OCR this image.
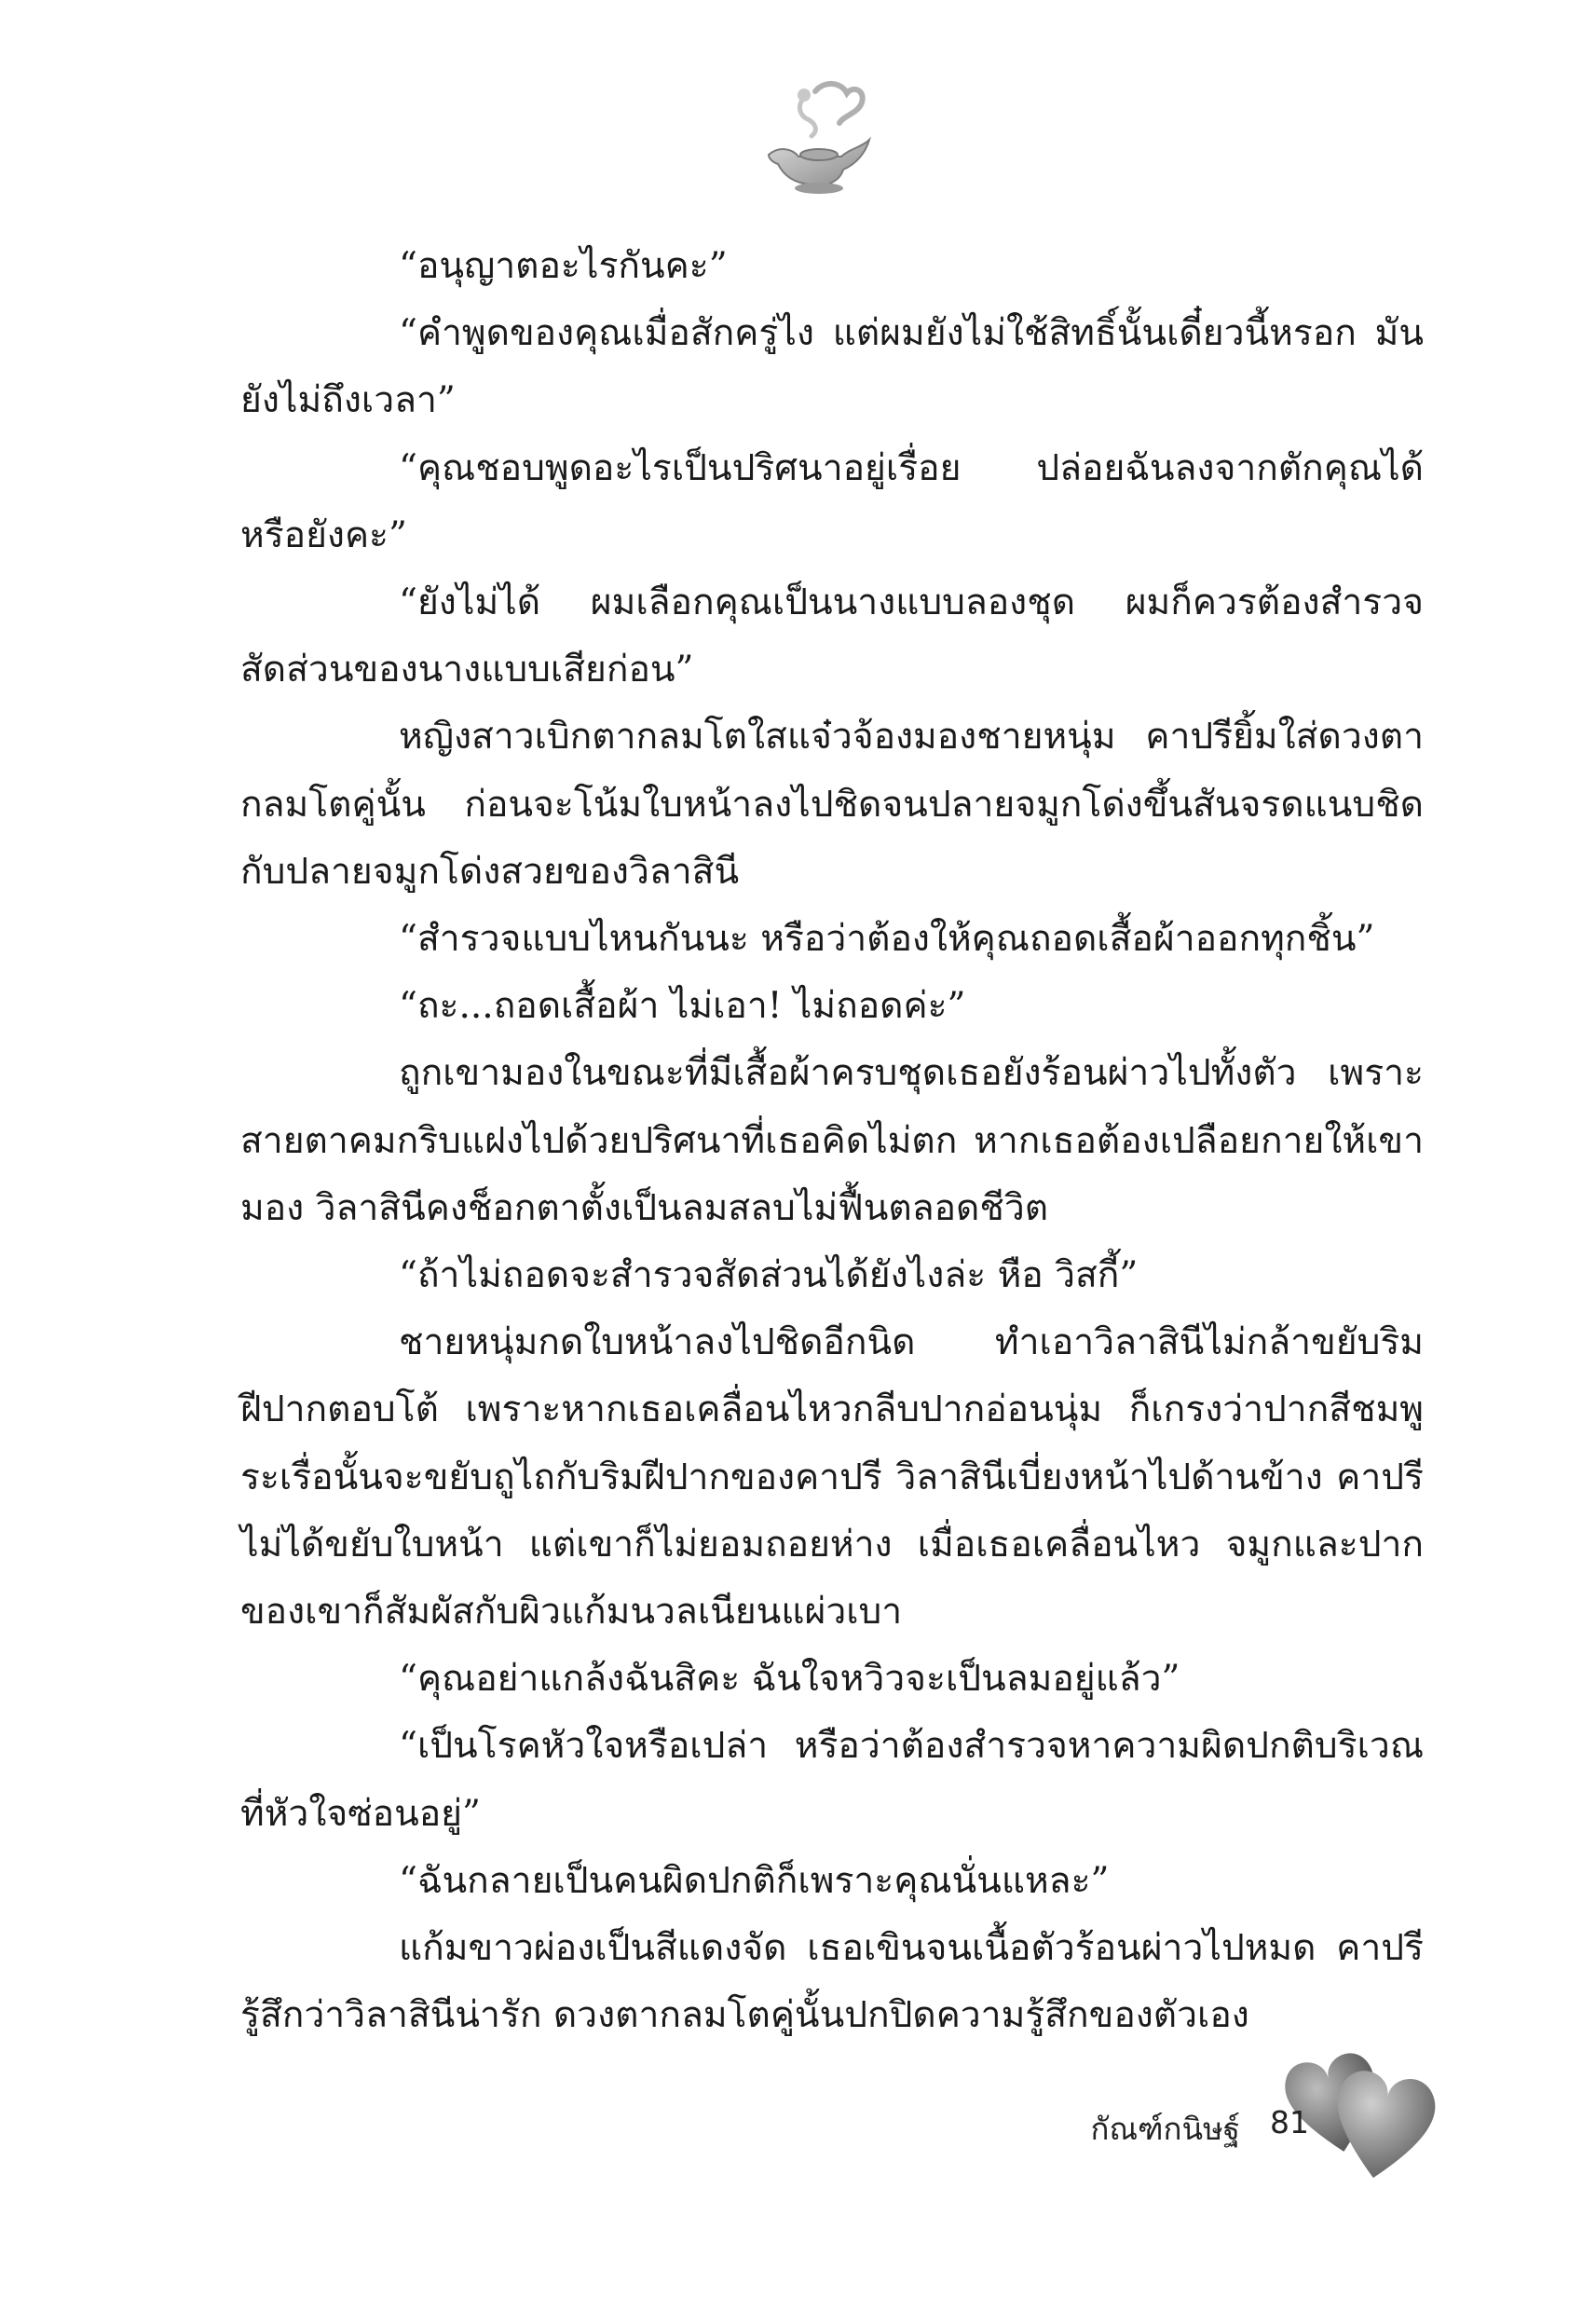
“อนุญาตอะไรกันคะ”

“คำพูดของคุณเมื่อสักครู่ไง แต่ผมยังไม่ใช้สิทธิ์นั้นเดี๋ยวนี้หรอก มันยังไม่ถึงเวลา”

“คุณชอบพูดอะไรเป็นปริศนาอยู่เรื่อย ปล่อยฉันลงจากตักคุณได้หรือยังคะ”

“ยังไม่ได้ ผมเลือกคุณเป็นนางแบบลองชุด ผมก็ควรต้องสำรวจสัดส่วนของนางแบบเสียก่อน”

หญิงสาวเบิกตากลมโตใสแจ๋วจ้องมองชายหนุ่ม คาปรียิ้มใส่ดวงตากลมโตคู่นั้น ก่อนจะโน้มใบหน้าลงไปชิดจนปลายจมูกโด่งขึ้นสันจรดแนบชิดกับปลายจมูกโด่งสวยของวิลาสินี

“สำรวจแบบไหนกันนะ หรือว่าต้องให้คุณถอดเสื้อผ้าออกทุกชิ้น”

“ถะ...ถอดเสื้อผ้า ไม่เอา! ไม่ถอดค่ะ”

ถูกเขามองในขณะที่มีเสื้อผ้าครบชุดเธอยังร้อนผ่าวไปทั้งตัว เพราะสายตาคมกริบแฝงไปด้วยปริศนาที่เธอคิดไม่ตก หากเธอต้องเปลือยกายให้เขามอง วิลาสินีคงช็อกตาตั้งเป็นลมสลบไม่ฟื้นตลอดชีวิต

“ถ้าไม่ถอดจะสำรวจสัดส่วนได้ยังไงล่ะ หือ วิสกี้”

ชายหนุ่มกดใบหน้าลงไปชิดอีกนิด ทำเอาวิลาสินีไม่กล้าขยับริมฝีปากตอบโต้ เพราะหากเธอเคลื่อนไหวกลีบปากอ่อนนุ่ม ก็เกรงว่าปากสีชมพูระเรื่อนั้นจะขยับถูไถกับริมฝีปากของคาปรี วิลาสินีเบี่ยงหน้าไปด้านข้าง คาปรีไม่ได้ขยับใบหน้า แต่เขาก็ไม่ยอมถอยห่าง เมื่อเธอเคลื่อนไหว จมูกและปากของเขาก็สัมผัสกับผิวแก้มนวลเนียนแผ่วเบา

“คุณอย่าแกล้งฉันสิคะ ฉันใจหวิวจะเป็นลมอยู่แล้ว”

“เป็นโรคหัวใจหรือเปล่า หรือว่าต้องสำรวจหาความผิดปกติบริเวณที่หัวใจซ่อนอยู่”

“ฉันกลายเป็นคนผิดปกติก็เพราะคุณนั่นแหละ”

แก้มขาวผ่องเป็นสีแดงจัด เธอเขินจนเนื้อตัวร้อนผ่าวไปหมด คาปรีรู้สึกว่าวิลาสินีน่ารัก ดวงตากลมโตคู่นั้นปกปิดความรู้สึกของตัวเอง

กัณฑ์กนิษฐ์ 81
